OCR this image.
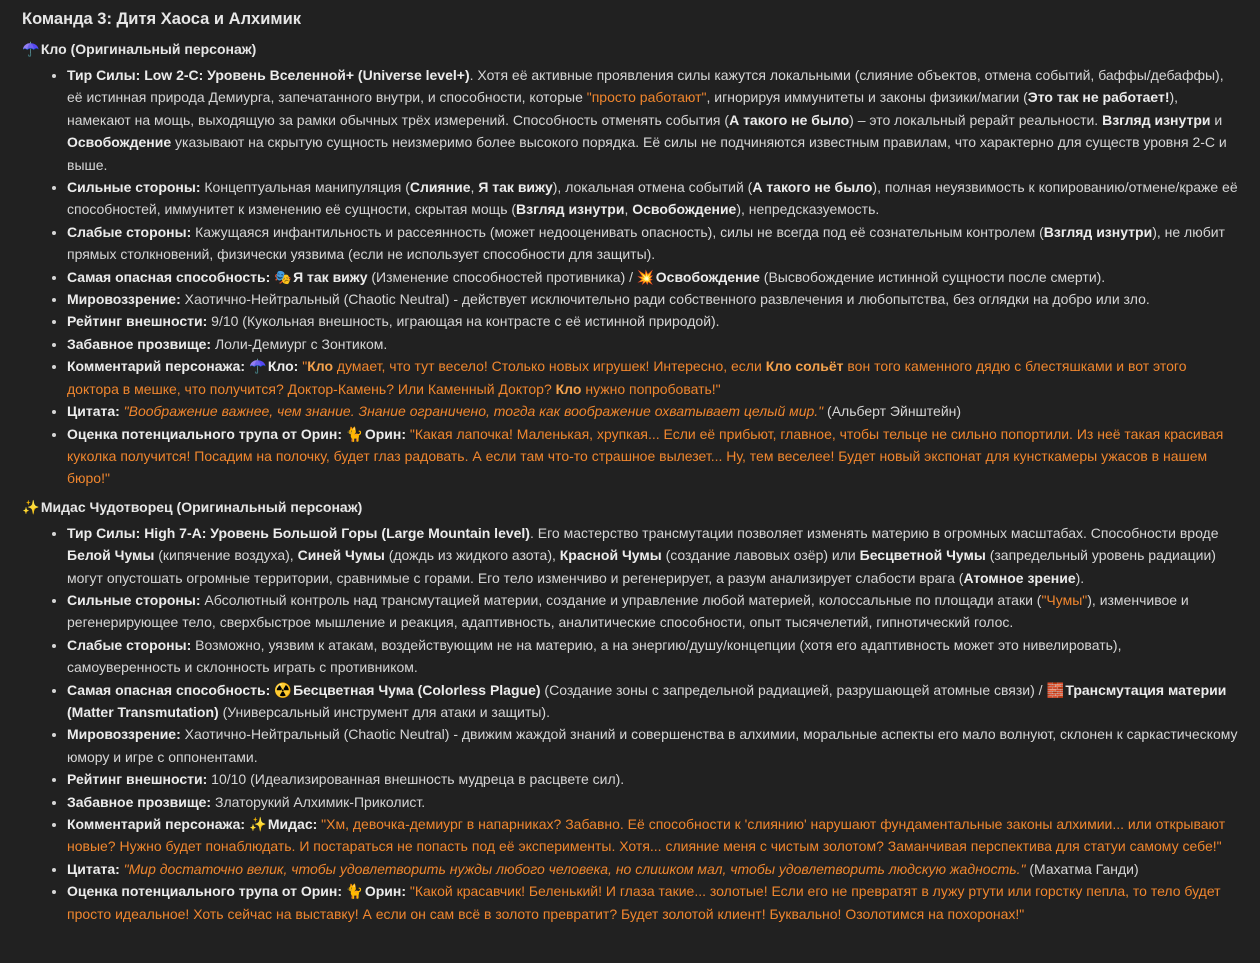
Команда 3: Дитя Хаоса и Алхимик
☂️ Кло (Оригинальный персонаж)
• Тир Силы: Low 2-C: Уровень Вселенной+ (Universe level+). Хотя её активные проявления силы кажутся локальными (слияние объектов, отмена событий, баффы/дебаффы), её истинная природа Демиурга, запечатанного внутри, и способности, которые "просто работают", игнорируя иммунитеты и законы физики/магии (Это так не работает!), намекают на мощь, выходящую за рамки обычных трёх измерений. Способность отменять события (А такого не было) – это локальный рерайт реальности. Взгляд изнутри и Освобождение указывают на скрытую сущность неизмеримо более высокого порядка. Её силы не подчиняются известным правилам, что характерно для существ уровня 2-С и выше.
• Сильные стороны: Концептуальная манипуляция (Слияние, Я так вижу), локальная отмена событий (А такого не было), полная неуязвимость к копированию/отмене/краже её способностей, иммунитет к изменению её сущности, скрытая мощь (Взгляд изнутри, Освобождение), непредсказуемость.
• Слабые стороны: Кажущаяся инфантильность и рассеянность (может недооценивать опасность), силы не всегда под её сознательным контролем (Взгляд изнутри), не любит прямых столкновений, физически уязвима (если не использует способности для защиты).
• Самая опасная способность: 🎭 Я так вижу (Изменение способностей противника) / 💥 Освобождение (Высвобождение истинной сущности после смерти).
• Мировоззрение: Хаотично-Нейтральный (Chaotic Neutral) - действует исключительно ради собственного развлечения и любопытства, без оглядки на добро или зло.
• Рейтинг внешности: 9/10 (Кукольная внешность, играющая на контрасте с её истинной природой).
• Забавное прозвище: Лоли-Демиург с Зонтиком.
• Комментарий персонажа: ☂️ Кло: "Кло думает, что тут весело! Столько новых игрушек! Интересно, если Кло сольёт вон того каменного дядю с блестяшками и вот этого доктора в мешке, что получится? Доктор-Камень? Или Каменный Доктор? Кло нужно попробовать!"
• Цитата: "Воображение важнее, чем знание. Знание ограничено, тогда как воображение охватывает целый мир." (Альберт Эйнштейн)
• Оценка потенциального трупа от Орин: 🐈 Орин: "Какая лапочка! Маленькая, хрупкая... Если её прибьют, главное, чтобы тельце не сильно попортили. Из неё такая красивая куколка получится! Посадим на полочку, будет глаз радовать. А если там что-то страшное вылезет... Ну, тем веселее! Будет новый экспонат для кунсткамеры ужасов в нашем бюро!"
✨ Мидас Чудотворец (Оригинальный персонаж)
• Тир Силы: High 7-A: Уровень Большой Горы (Large Mountain level). Его мастерство трансмутации позволяет изменять материю в огромных масштабах. Способности вроде Белой Чумы (кипячение воздуха), Синей Чумы (дождь из жидкого азота), Красной Чумы (создание лавовых озёр) или Бесцветной Чумы (запредельный уровень радиации) могут опустошать огромные территории, сравнимые с горами. Его тело изменчиво и регенерирует, а разум анализирует слабости врага (Атомное зрение).
• Сильные стороны: Абсолютный контроль над трансмутацией материи, создание и управление любой материей, колоссальные по площади атаки ("Чумы"), изменчивое и регенерирующее тело, сверхбыстрое мышление и реакция, адаптивность, аналитические способности, опыт тысячелетий, гипнотический голос.
• Слабые стороны: Возможно, уязвим к атакам, воздействующим не на материю, а на энергию/душу/концепции (хотя его адаптивность может это нивелировать), самоуверенность и склонность играть с противником.
• Самая опасная способность: ☢️ Бесцветная Чума (Colorless Plague) (Создание зоны с запредельной радиацией, разрушающей атомные связи) / 🧱 Трансмутация материи (Matter Transmutation) (Универсальный инструмент для атаки и защиты).
• Мировоззрение: Хаотично-Нейтральный (Chaotic Neutral) - движим жаждой знаний и совершенства в алхимии, моральные аспекты его мало волнуют, склонен к саркастическому юмору и игре с оппонентами.
• Рейтинг внешности: 10/10 (Идеализированная внешность мудреца в расцвете сил).
• Забавное прозвище: Златорукий Алхимик-Приколист.
• Комментарий персонажа: ✨ Мидас: "Хм, девочка-демиург в напарниках? Забавно. Её способности к 'слиянию' нарушают фундаментальные законы алхимии... или открывают новые? Нужно будет понаблюдать. И постараться не попасть под её эксперименты. Хотя... слияние меня с чистым золотом? Заманчивая перспектива для статуи самому себе!"
• Цитата: "Мир достаточно велик, чтобы удовлетворить нужды любого человека, но слишком мал, чтобы удовлетворить людскую жадность." (Махатма Ганди)
• Оценка потенциального трупа от Орин: 🐈 Орин: "Какой красавчик! Беленький! И глаза такие... золотые! Если его не превратят в лужу ртути или горстку пепла, то тело будет просто идеальное! Хоть сейчас на выставку! А если он сам всё в золото превратит? Будет золотой клиент! Буквально! Озолотимся на похоронах!"
